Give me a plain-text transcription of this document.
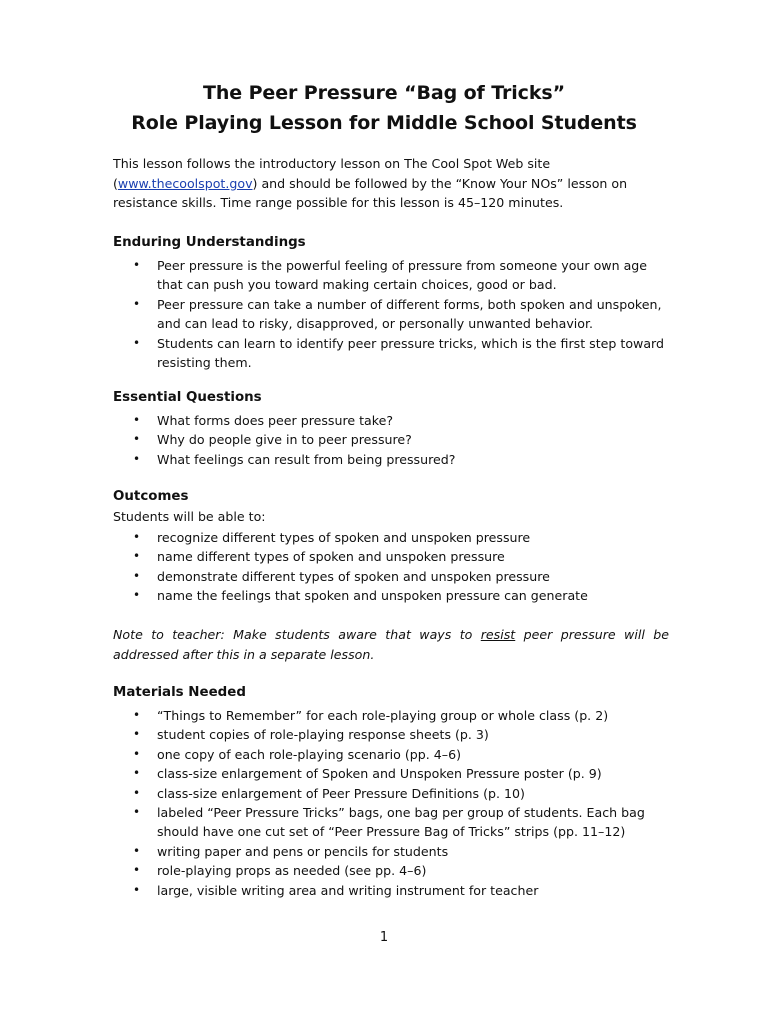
The Peer Pressure “Bag of Tricks”
Role Playing Lesson for Middle School Students
This lesson follows the introductory lesson on The Cool Spot Web site (www.thecoolspot.gov) and should be followed by the “Know Your NOs” lesson on resistance skills. Time range possible for this lesson is 45–120 minutes.
Enduring Understandings
• Peer pressure is the powerful feeling of pressure from someone your own age that can push you toward making certain choices, good or bad.
• Peer pressure can take a number of different forms, both spoken and unspoken, and can lead to risky, disapproved, or personally unwanted behavior.
• Students can learn to identify peer pressure tricks, which is the first step toward resisting them.
Essential Questions
• What forms does peer pressure take?
• Why do people give in to peer pressure?
• What feelings can result from being pressured?
Outcomes
Students will be able to:
• recognize different types of spoken and unspoken pressure
• name different types of spoken and unspoken pressure
• demonstrate different types of spoken and unspoken pressure
• name the feelings that spoken and unspoken pressure can generate
Note to teacher: Make students aware that ways to resist peer pressure will be addressed after this in a separate lesson.
Materials Needed
• “Things to Remember” for each role-playing group or whole class (p. 2)
• student copies of role-playing response sheets (p. 3)
• one copy of each role-playing scenario (pp. 4–6)
• class-size enlargement of Spoken and Unspoken Pressure poster (p. 9)
• class-size enlargement of Peer Pressure Definitions (p. 10)
• labeled “Peer Pressure Tricks” bags, one bag per group of students. Each bag should have one cut set of “Peer Pressure Bag of Tricks” strips (pp. 11–12)
• writing paper and pens or pencils for students
• role-playing props as needed (see pp. 4–6)
• large, visible writing area and writing instrument for teacher
1
